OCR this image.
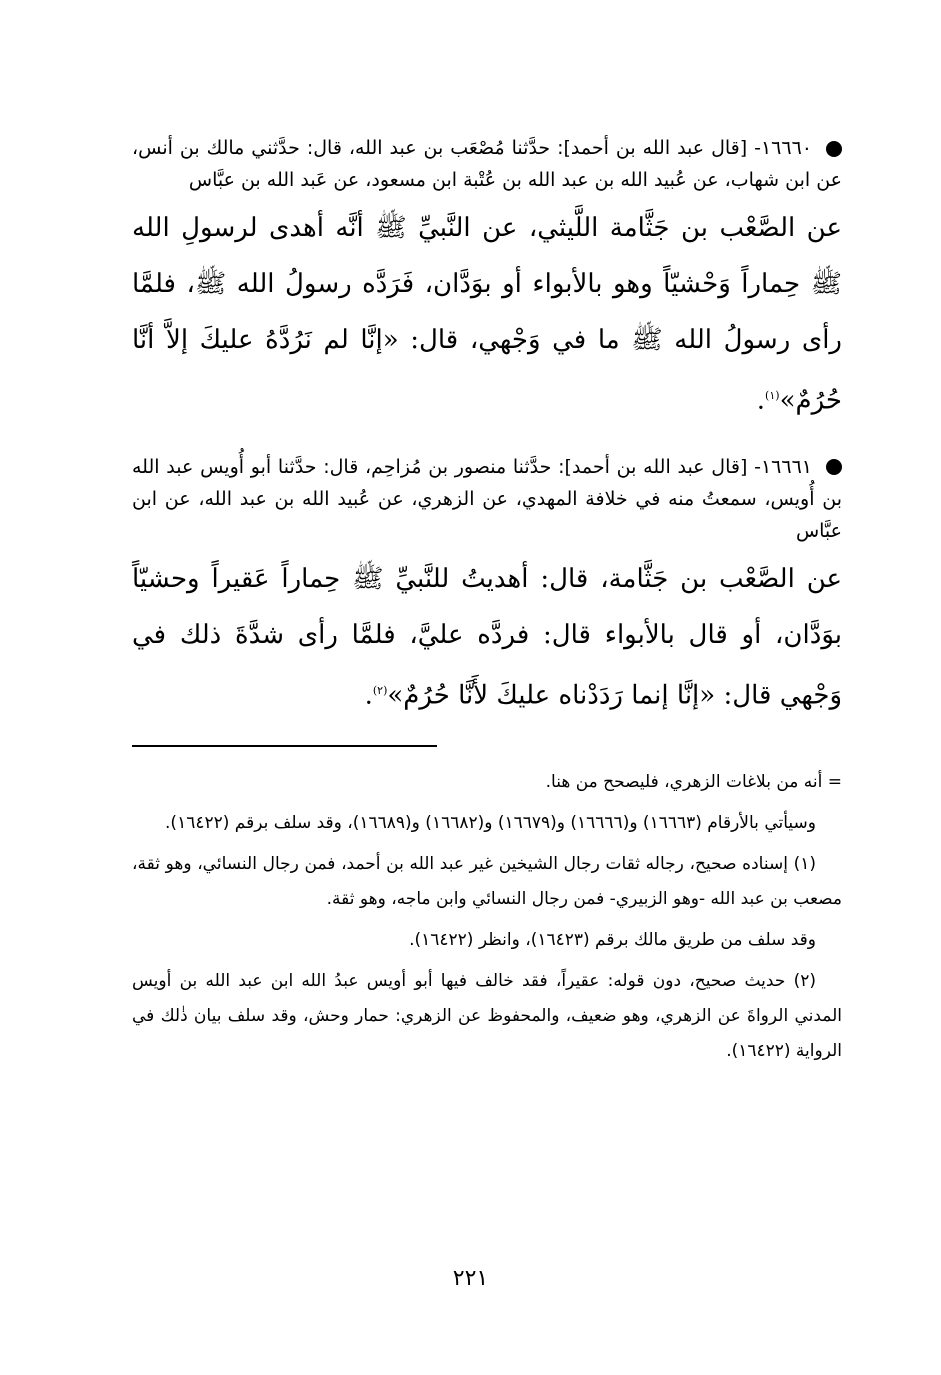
١٦٦٦٠- [قال عبد الله بن أحمد]: حدَّثنا مُصْعَب بن عبد الله، قال: حدَّثني مالك بن أنس، عن ابن شهاب، عن عُبيد الله بن عبد الله بن عُتْبة ابن مسعود، عن عَبد الله بن عبَّاس

عن الصَّعْب بن جَثَّامة اللَّيثي، عن النَّبيِّ ﷺ أنَّه أهدى لرسولِ الله ﷺ حِماراً وَحْشيّاً وهو بالأبواء أو بوَدَّان، فَرَدَّه رسولُ الله ﷺ، فلمَّا رأى رسولُ الله ﷺ ما في وَجْهي، قال: «إنَّا لم نَرُدَّهُ عليكَ إلاَّ أنَّا حُرُمٌ»$^{(١)}$.

١٦٦٦١- [قال عبد الله بن أحمد]: حدَّثنا منصور بن مُزاحِم، قال: حدَّثنا أبو أُويس عبد الله بن أُويس، سمعتُ منه في خلافة المهدي، عن الزهري، عن عُبيد الله بن عبد الله، عن ابن عبَّاس

عن الصَّعْب بن جَثَّامة، قال: أهديتُ للنَّبيِّ ﷺ حِماراً عَقيراً وحشيّاً بوَدَّان، أو قال بالأبواء قال: فردَّه عليَّ، فلمَّا رأى شدَّةَ ذلك في وَجْهي قال: «إنَّا إنما رَدَدْناه عليكَ لأَنَّا حُرُمٌ»$^{(٢)}$.

= أنه من بلاغات الزهري، فليصحح من هنا.

وسيأتي بالأرقام (١٦٦٦٣) و(١٦٦٦٦) و(١٦٦٧٩) و(١٦٦٨٢) و(١٦٦٨٩)، وقد سلف برقم (١٦٤٢٢).

(١) إسناده صحيح، رجاله ثقات رجال الشيخين غير عبد الله بن أحمد، فمن رجال النسائي، وهو ثقة، مصعب بن عبد الله -وهو الزبيري- فمن رجال النسائي وابن ماجه، وهو ثقة.

وقد سلف من طريق مالك برقم (١٦٤٢٣)، وانظر (١٦٤٢٢).

(٢) حديث صحيح، دون قوله: عقيراً، فقد خالف فيها أبو أويس عبدُ الله ابن عبد الله بن أويس المدني الرواةَ عن الزهري، وهو ضعيف، والمحفوظ عن الزهري: حمار وحش، وقد سلف بيان ذٰلك في الرواية (١٦٤٢٢).

٢٢١
